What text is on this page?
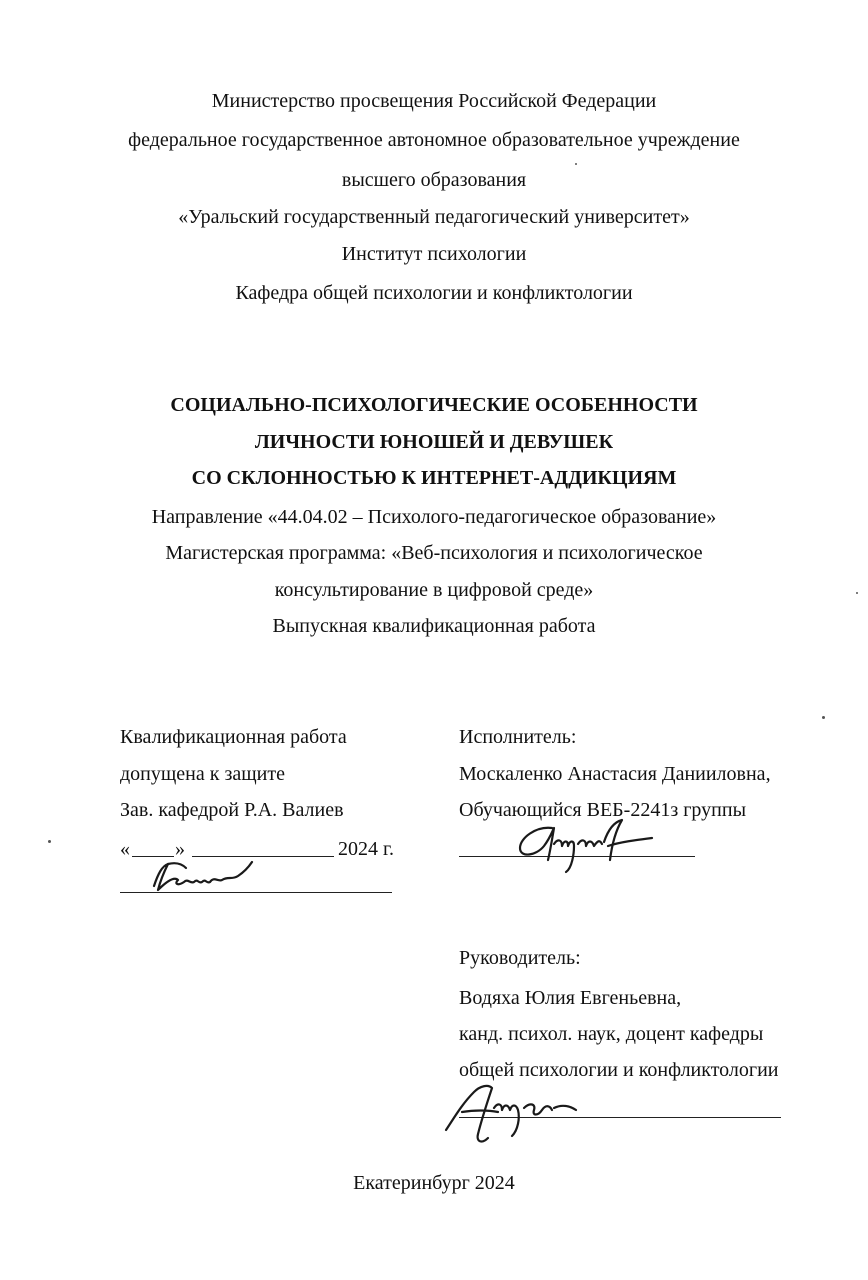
Министерство просвещения Российской Федерации
федеральное государственное автономное образовательное учреждение
высшего образования
«Уральский государственный педагогический университет»
Институт психологии
Кафедра общей психологии и конфликтологии
СОЦИАЛЬНО-ПСИХОЛОГИЧЕСКИЕ ОСОБЕННОСТИ
ЛИЧНОСТИ ЮНОШЕЙ И ДЕВУШЕК
СО СКЛОННОСТЬЮ К ИНТЕРНЕТ-АДДИКЦИЯМ
Направление «44.04.02 – Психолого-педагогическое образование»
Магистерская программа: «Веб-психология и психологическое
консультирование в цифровой среде»
Выпускная квалификационная работа
Квалификационная работа
допущена к защите
Зав. кафедрой Р.А. Валиев
« »	2024 г.
Исполнитель:
Москаленко Анастасия Данииловна,
Обучающийся ВЕБ-2241з группы
Руководитель:
Водяха Юлия Евгеньевна,
канд. психол. наук, доцент кафедры
общей психологии и конфликтологии
Екатеринбург 2024
